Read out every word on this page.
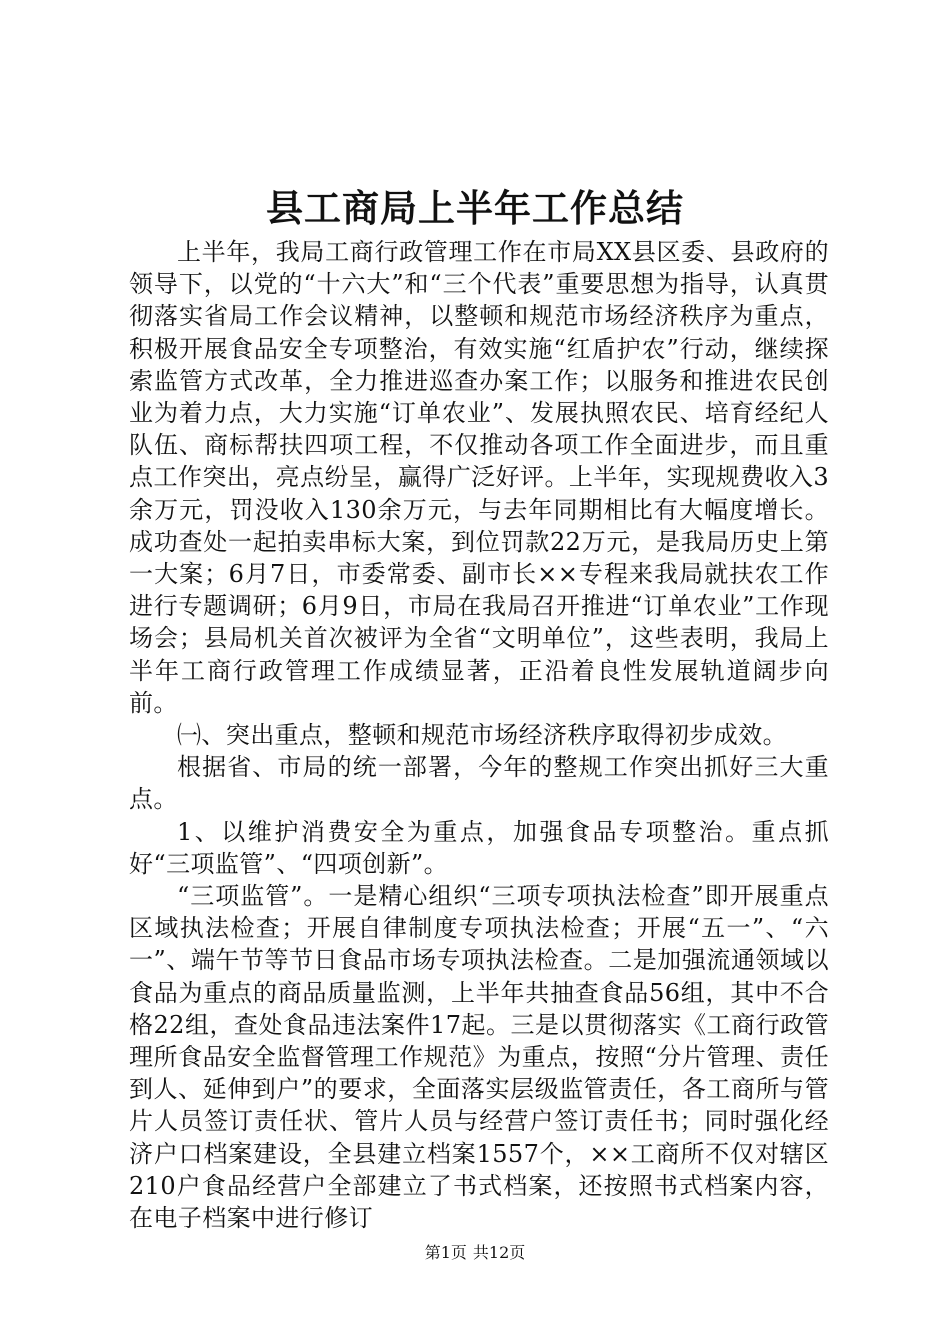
县工商局上半年工作总结

上半年，我局工商行政管理工作在市局XX县区委、县政府的领导下，以党的“十六大”和“三个代表”重要思想为指导，认真贯彻落实省局工作会议精神，以整顿和规范市场经济秩序为重点，积极开展食品安全专项整治，有效实施“红盾护农”行动，继续探索监管方式改革，全力推进巡查办案工作；以服务和推进农民创业为着力点，大力实施“订单农业”、发展执照农民、培育经纪人队伍、商标帮扶四项工程，不仅推动各项工作全面进步，而且重点工作突出，亮点纷呈，赢得广泛好评。上半年，实现规费收入3余万元，罚没收入130余万元，与去年同期相比有大幅度增长。成功查处一起拍卖串标大案，到位罚款22万元，是我局历史上第一大案；6月7日，市委常委、副市长××专程来我局就扶农工作进行专题调研；6月9日，市局在我局召开推进“订单农业”工作现场会；县局机关首次被评为全省“文明单位”，这些表明，我局上半年工商行政管理工作成绩显著，正沿着良性发展轨道阔步向前。

㈠、突出重点，整顿和规范市场经济秩序取得初步成效。

根据省、市局的统一部署，今年的整规工作突出抓好三大重点。

1、以维护消费安全为重点，加强食品专项整治。重点抓好“三项监管”、“四项创新”。

“三项监管”。一是精心组织“三项专项执法检查”即开展重点区域执法检查；开展自律制度专项执法检查；开展“五一”、“六一”、端午节等节日食品市场专项执法检查。二是加强流通领域以食品为重点的商品质量监测，上半年共抽查食品56组，其中不合格22组，查处食品违法案件17起。三是以贯彻落实《工商行政管理所食品安全监督管理工作规范》为重点，按照“分片管理、责任到人、延伸到户”的要求，全面落实层级监管责任，各工商所与管片人员签订责任状、管片人员与经营户签订责任书；同时强化经济户口档案建设，全县建立档案1557个，××工商所不仅对辖区210户食品经营户全部建立了书式档案，还按照书式档案内容，在电子档案中进行修订

第1页 共12页
